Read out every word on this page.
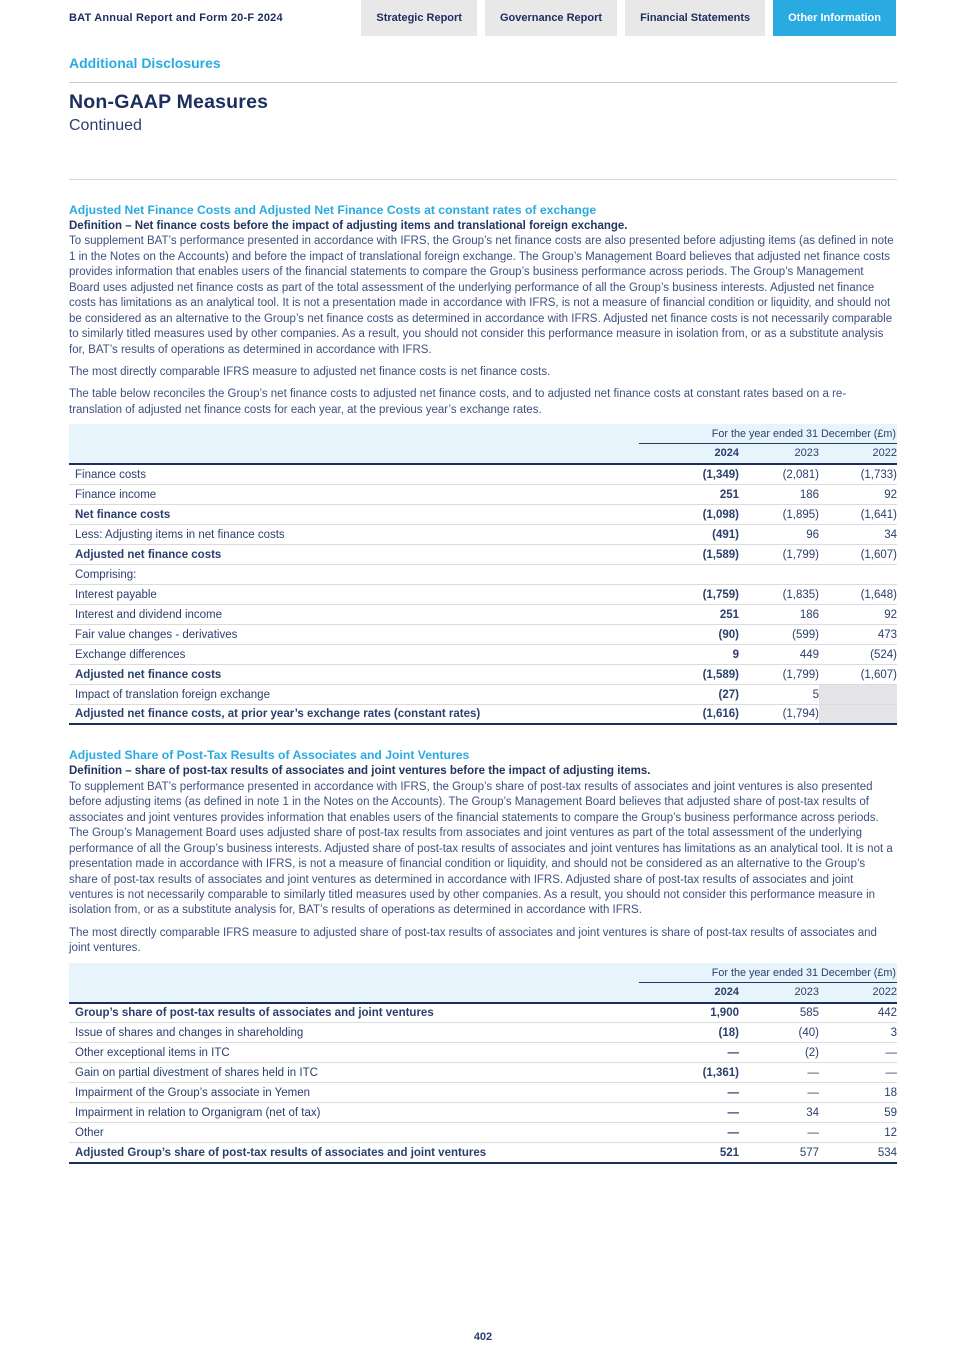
BAT Annual Report and Form 20-F 2024	Strategic Report	Governance Report	Financial Statements	Other Information
Additional Disclosures
Non-GAAP Measures
Continued
Adjusted Net Finance Costs and Adjusted Net Finance Costs at constant rates of exchange
Definition – Net finance costs before the impact of adjusting items and translational foreign exchange.

To supplement BAT’s performance presented in accordance with IFRS, the Group’s net finance costs are also presented before adjusting items (as defined in note 1 in the Notes on the Accounts) and before the impact of translational foreign exchange. The Group’s Management Board believes that adjusted net finance costs provides information that enables users of the financial statements to compare the Group’s business performance across periods. The Group’s Management Board uses adjusted net finance costs as part of the total assessment of the underlying performance of all the Group’s business interests. Adjusted net finance costs has limitations as an analytical tool. It is not a presentation made in accordance with IFRS, is not a measure of financial condition or liquidity, and should not be considered as an alternative to the Group’s net finance costs as determined in accordance with IFRS. Adjusted net finance costs is not necessarily comparable to similarly titled measures used by other companies. As a result, you should not consider this performance measure in isolation from, or as a substitute analysis for, BAT’s results of operations as determined in accordance with IFRS.

The most directly comparable IFRS measure to adjusted net finance costs is net finance costs.

The table below reconciles the Group’s net finance costs to adjusted net finance costs, and to adjusted net finance costs at constant rates based on a re-translation of adjusted net finance costs for each year, at the previous year’s exchange rates.

	For the year ended 31 December (£m)		
	2024	2023	2022
Finance costs	(1,349)	(2,081)	(1,733)
Finance income	251	186	92
Net finance costs	(1,098)	(1,895)	(1,641)
Less: Adjusting items in net finance costs	(491)	96	34
Adjusted net finance costs	(1,589)	(1,799)	(1,607)
Comprising:			
Interest payable	(1,759)	(1,835)	(1,648)
Interest and dividend income	251	186	92
Fair value changes - derivatives	(90)	(599)	473
Exchange differences	9	449	(524)
Adjusted net finance costs	(1,589)	(1,799)	(1,607)
Impact of translation foreign exchange	(27)	5	
Adjusted net finance costs, at prior year’s exchange rates (constant rates)	(1,616)	(1,794)	
Adjusted Share of Post-Tax Results of Associates and Joint Ventures
Definition – share of post-tax results of associates and joint ventures before the impact of adjusting items.

To supplement BAT’s performance presented in accordance with IFRS, the Group’s share of post-tax results of associates and joint ventures is also presented before adjusting items (as defined in note 1 in the Notes on the Accounts). The Group’s Management Board believes that adjusted share of post-tax results of associates and joint ventures provides information that enables users of the financial statements to compare the Group’s business performance across periods. The Group’s Management Board uses adjusted share of post-tax results from associates and joint ventures as part of the total assessment of the underlying performance of all the Group’s business interests. Adjusted share of post-tax results of associates and joint ventures has limitations as an analytical tool. It is not a presentation made in accordance with IFRS, is not a measure of financial condition or liquidity, and should not be considered as an alternative to the Group’s share of post-tax results of associates and joint ventures as determined in accordance with IFRS. Adjusted share of post-tax results of associates and joint ventures is not necessarily comparable to similarly titled measures used by other companies. As a result, you should not consider this performance measure in isolation from, or as a substitute analysis for, BAT’s results of operations as determined in accordance with IFRS.

The most directly comparable IFRS measure to adjusted share of post-tax results of associates and joint ventures is share of post-tax results of associates and joint ventures.

	For the year ended 31 December (£m)		
	2024	2023	2022
Group’s share of post-tax results of associates and joint ventures	1,900	585	442
Issue of shares and changes in shareholding	(18)	(40)	3
Other exceptional items in ITC	—	(2)	—
Gain on partial divestment of shares held in ITC	(1,361)	—	—
Impairment of the Group’s associate in Yemen	—	—	18
Impairment in relation to Organigram (net of tax)	—	34	59
Other	—	—	12
Adjusted Group’s share of post-tax results of associates and joint ventures	521	577	534
402
